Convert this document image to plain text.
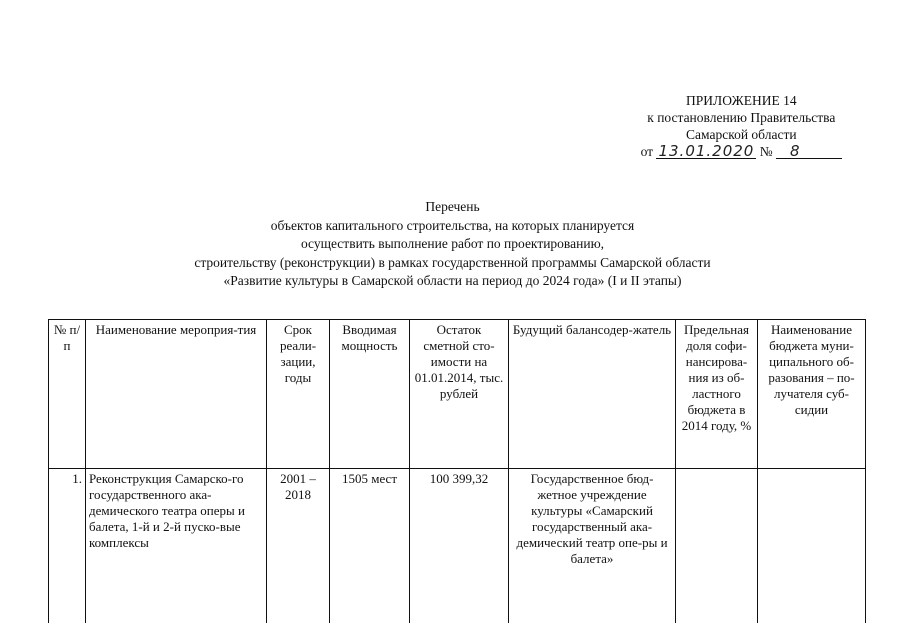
ПРИЛОЖЕНИЕ 14
к постановлению Правительства
Самарской области
от 13.01.2020 № 8
Перечень
объектов капитального строительства, на которых планируется
осуществить выполнение работ по проектированию,
строительству (реконструкции) в рамках государственной программы Самарской области
«Развитие культуры в Самарской области на период до 2024 года» (I и II этапы)
№ п/п	Наименование мероприя-тия	Срок реали-зации, годы	Вводимая мощность	Остаток сметной сто-имости на 01.01.2014, тыс. рублей	Будущий балансодер-жатель	Предельная доля софи-нансирова-ния из об-ластного бюджета в 2014 году, %	Наименование бюджета муни-ципального об-разования – по-лучателя суб-сидии
1.	Реконструкция Самарско-го государственного ака-демического театра оперы и балета, 1-й и 2-й пуско-вые комплексы	2001 – 2018	1505 мест	100 399,32	Государственное бюд-жетное учреждение культуры «Самарский государственный ака-демический театр опе-ры и балета»		
